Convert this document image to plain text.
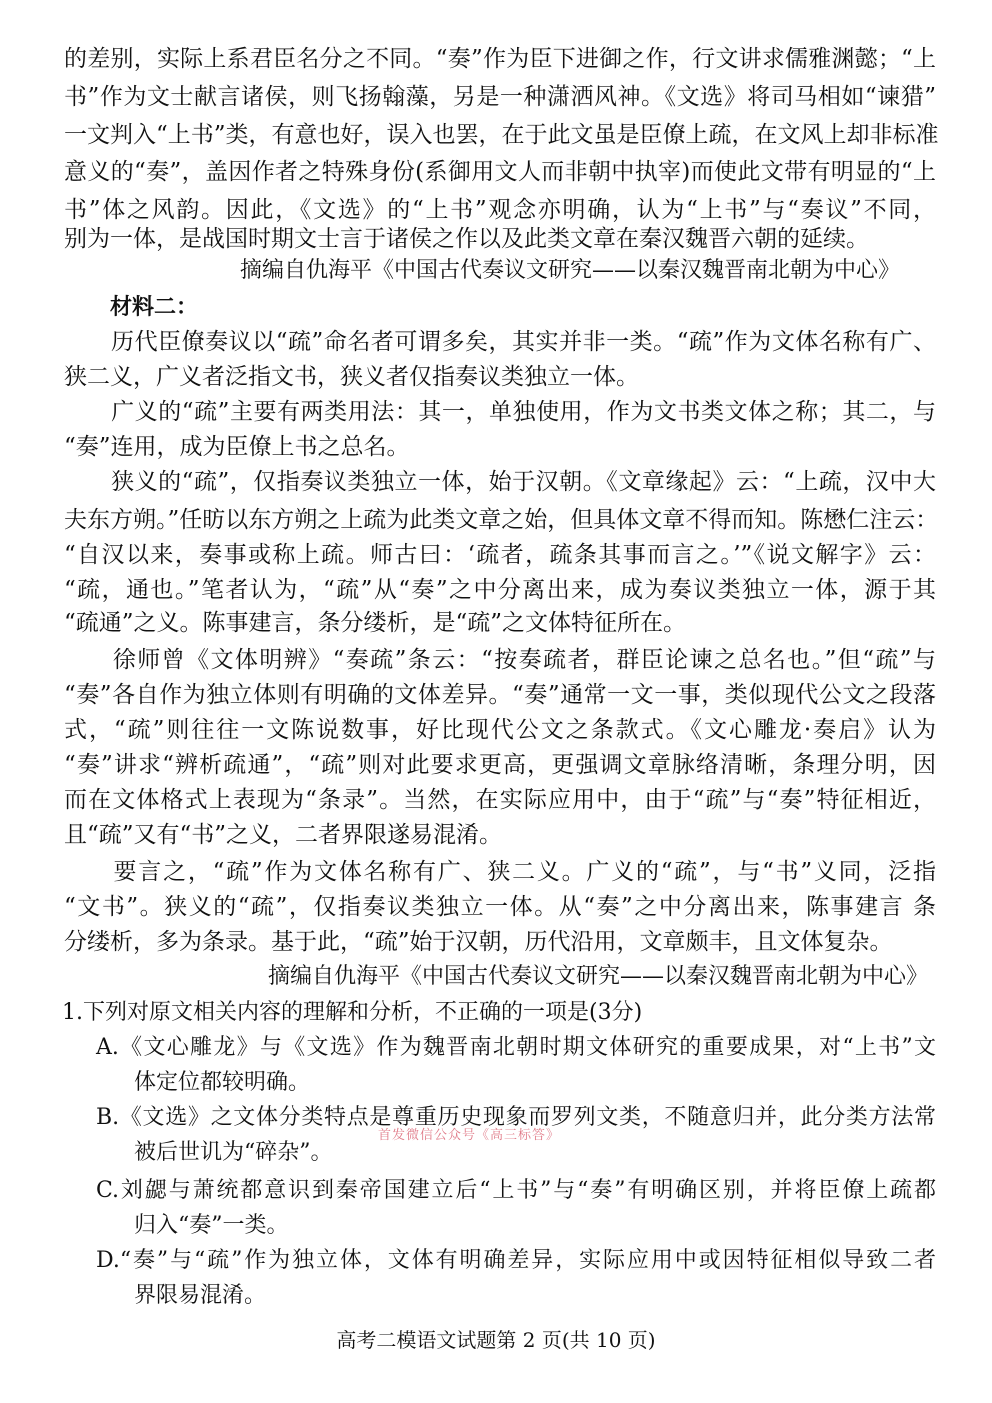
的差别，实际上系君臣名分之不同。“奏”作为臣下进御之作，行文讲求儒雅渊懿；“上
书”作为文士献言诸侯，则飞扬翰藻，另是一种潇洒风神。《文选》将司马相如“谏猎”
一文判入“上书”类，有意也好，误入也罢，在于此文虽是臣僚上疏，在文风上却非标准
意义的“奏”，盖因作者之特殊身份(系御用文人而非朝中执宰)而使此文带有明显的“上
书”体之风韵。因此，《文选》的“上书”观念亦明确，认为“上书”与“奏议”不同，
别为一体，是战国时期文士言于诸侯之作以及此类文章在秦汉魏晋六朝的延续。
摘编自仇海平《中国古代奏议文研究——以秦汉魏晋南北朝为中心》
材料二：
　　历代臣僚奏议以“疏”命名者可谓多矣，其实并非一类。“疏”作为文体名称有广、
狭二义，广义者泛指文书，狭义者仅指奏议类独立一体。
　　广义的“疏”主要有两类用法：其一，单独使用，作为文书类文体之称；其二，与
“奏”连用，成为臣僚上书之总名。
　　狭义的“疏”，仅指奏议类独立一体，始于汉朝。《文章缘起》云：“上疏，汉中大
夫东方朔。”任昉以东方朔之上疏为此类文章之始，但具体文章不得而知。陈懋仁注云：
“自汉以来，奏事或称上疏。师古曰：‘疏者，疏条其事而言之。’”《说文解字》云：
“疏，通也。”笔者认为，“疏”从“奏”之中分离出来，成为奏议类独立一体，源于其
“疏通”之义。陈事建言，条分缕析，是“疏”之文体特征所在。
　　徐师曾《文体明辨》“奏疏”条云：“按奏疏者，群臣论谏之总名也。”但“疏”与
“奏”各自作为独立体则有明确的文体差异。“奏”通常一文一事，类似现代公文之段落
式，“疏”则往往一文陈说数事，好比现代公文之条款式。《文心雕龙·奏启》认为
“奏”讲求“辨析疏通”，“疏”则对此要求更高，更强调文章脉络清晰，条理分明，因
而在文体格式上表现为“条录”。当然，在实际应用中，由于“疏”与“奏”特征相近，
且“疏”又有“书”之义，二者界限遂易混淆。
　　要言之，“疏”作为文体名称有广、狭二义。广义的“疏”，与“书”义同，泛指
“文书”。狭义的“疏”，仅指奏议类独立一体。从“奏”之中分离出来，陈事建言 条
分缕析，多为条录。基于此，“疏”始于汉朝，历代沿用，文章颇丰，且文体复杂。
摘编自仇海平《中国古代奏议文研究——以秦汉魏晋南北朝为中心》
1.下列对原文相关内容的理解和分析，不正确的一项是(3分)
A.《文心雕龙》与《文选》作为魏晋南北朝时期文体研究的重要成果，对“上书”文
体定位都较明确。
B.《文选》之文体分类特点是尊重历史现象而罗列文类，不随意归并，此分类方法常
被后世讥为“碎杂”。
首发微信公众号《高三标答》
C.刘勰与萧统都意识到秦帝国建立后“上书”与“奏”有明确区别，并将臣僚上疏都
归入“奏”一类。
D.“奏”与“疏”作为独立体，文体有明确差异，实际应用中或因特征相似导致二者
界限易混淆。
高考二模语文试题第 2 页(共 10 页)
